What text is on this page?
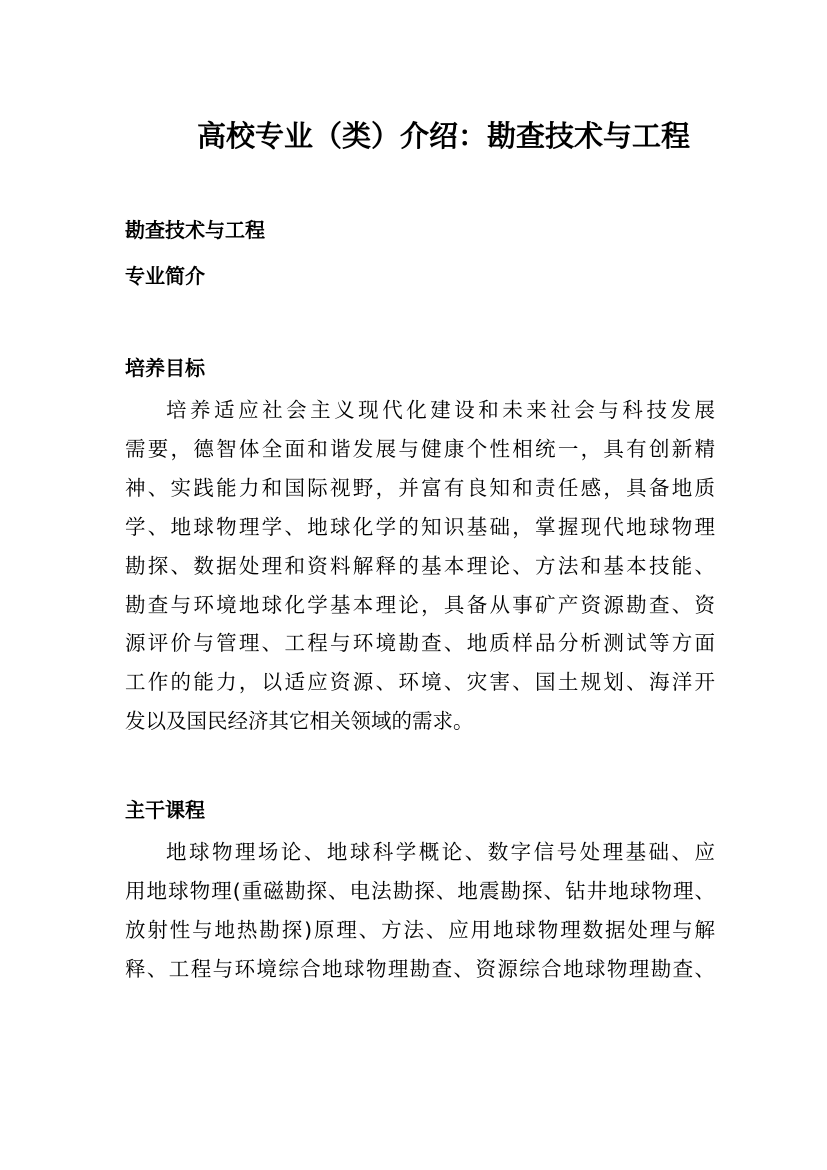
高校专业（类）介绍：勘查技术与工程

勘查技术与工程

专业简介

培养目标

培养适应社会主义现代化建设和未来社会与科技发展
需要，德智体全面和谐发展与健康个性相统一，具有创新精
神、实践能力和国际视野，并富有良知和责任感，具备地质
学、地球物理学、地球化学的知识基础，掌握现代地球物理
勘探、数据处理和资料解释的基本理论、方法和基本技能、
勘查与环境地球化学基本理论，具备从事矿产资源勘查、资
源评价与管理、工程与环境勘查、地质样品分析测试等方面
工作的能力，以适应资源、环境、灾害、国土规划、海洋开
发以及国民经济其它相关领域的需求。

主干课程

地球物理场论、地球科学概论、数字信号处理基础、应
用地球物理(重磁勘探、电法勘探、地震勘探、钻井地球物理、
放射性与地热勘探)原理、方法、应用地球物理数据处理与解
释、工程与环境综合地球物理勘查、资源综合地球物理勘查、
